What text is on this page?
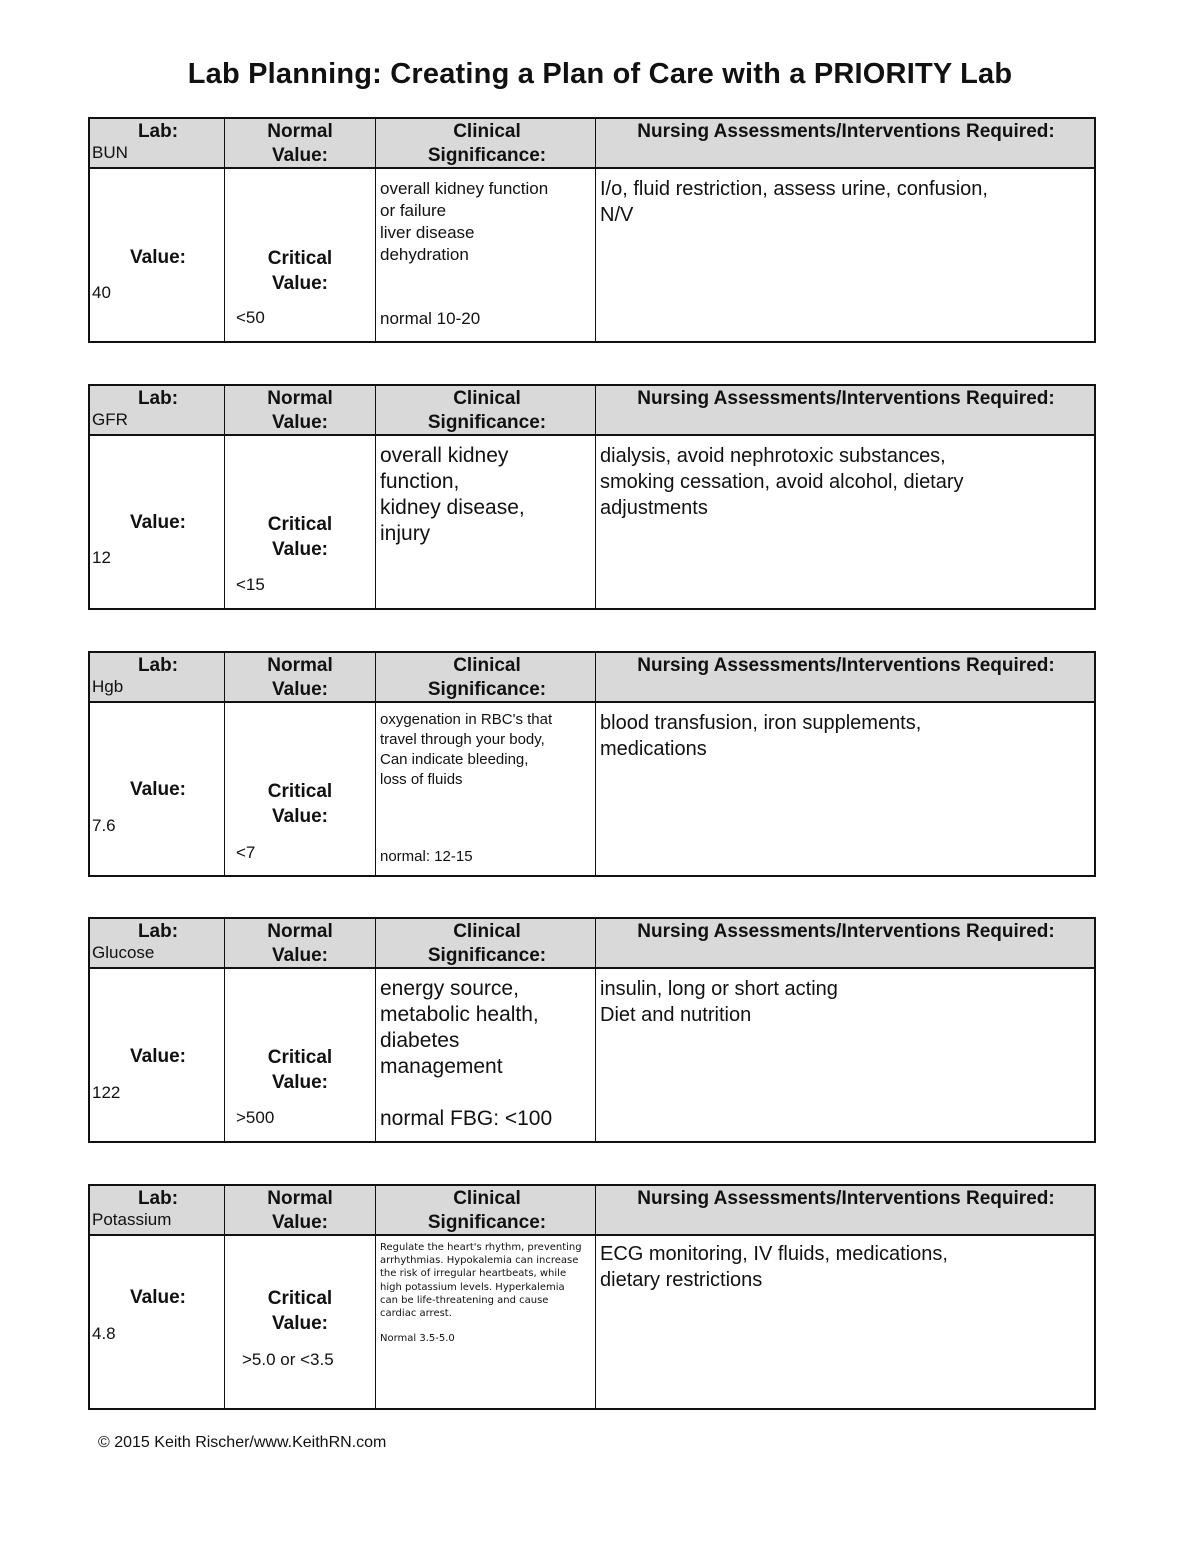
Lab Planning: Creating a Plan of Care with a PRIORITY Lab
Lab:
BUN
Normal
Value:
Clinical
Significance:
Nursing Assessments/Interventions Required:
Value:
40
Critical
Value:
<50
overall kidney function
or failure
liver disease
dehydration
normal 10-20
I/o, fluid restriction, assess urine, confusion,
N/V
Lab:
GFR
Normal
Value:
Clinical
Significance:
Nursing Assessments/Interventions Required:
Value:
12
Critical
Value:
<15
overall kidney
function,
kidney disease,
injury
dialysis, avoid nephrotoxic substances,
smoking cessation, avoid alcohol, dietary
adjustments
Lab:
Hgb
Normal
Value:
Clinical
Significance:
Nursing Assessments/Interventions Required:
Value:
7.6
Critical
Value:
<7
oxygenation in RBC's that
travel through your body,
Can indicate bleeding,
loss of fluids
normal: 12-15
blood transfusion, iron supplements,
medications
Lab:
Glucose
Normal
Value:
Clinical
Significance:
Nursing Assessments/Interventions Required:
Value:
122
Critical
Value:
>500
energy source,
metabolic health,
diabetes
management
normal FBG: <100
insulin, long or short acting
Diet and nutrition
Lab:
Potassium
Normal
Value:
Clinical
Significance:
Nursing Assessments/Interventions Required:
Value:
4.8
Critical
Value:
>5.0 or <3.5
Regulate the heart's rhythm, preventing
arrhythmias. Hypokalemia can increase
the risk of irregular heartbeats, while
high potassium levels. Hyperkalemia
can be life-threatening and cause
cardiac arrest.
Normal 3.5-5.0
ECG monitoring, IV fluids, medications,
dietary restrictions
© 2015 Keith Rischer/www.KeithRN.com
